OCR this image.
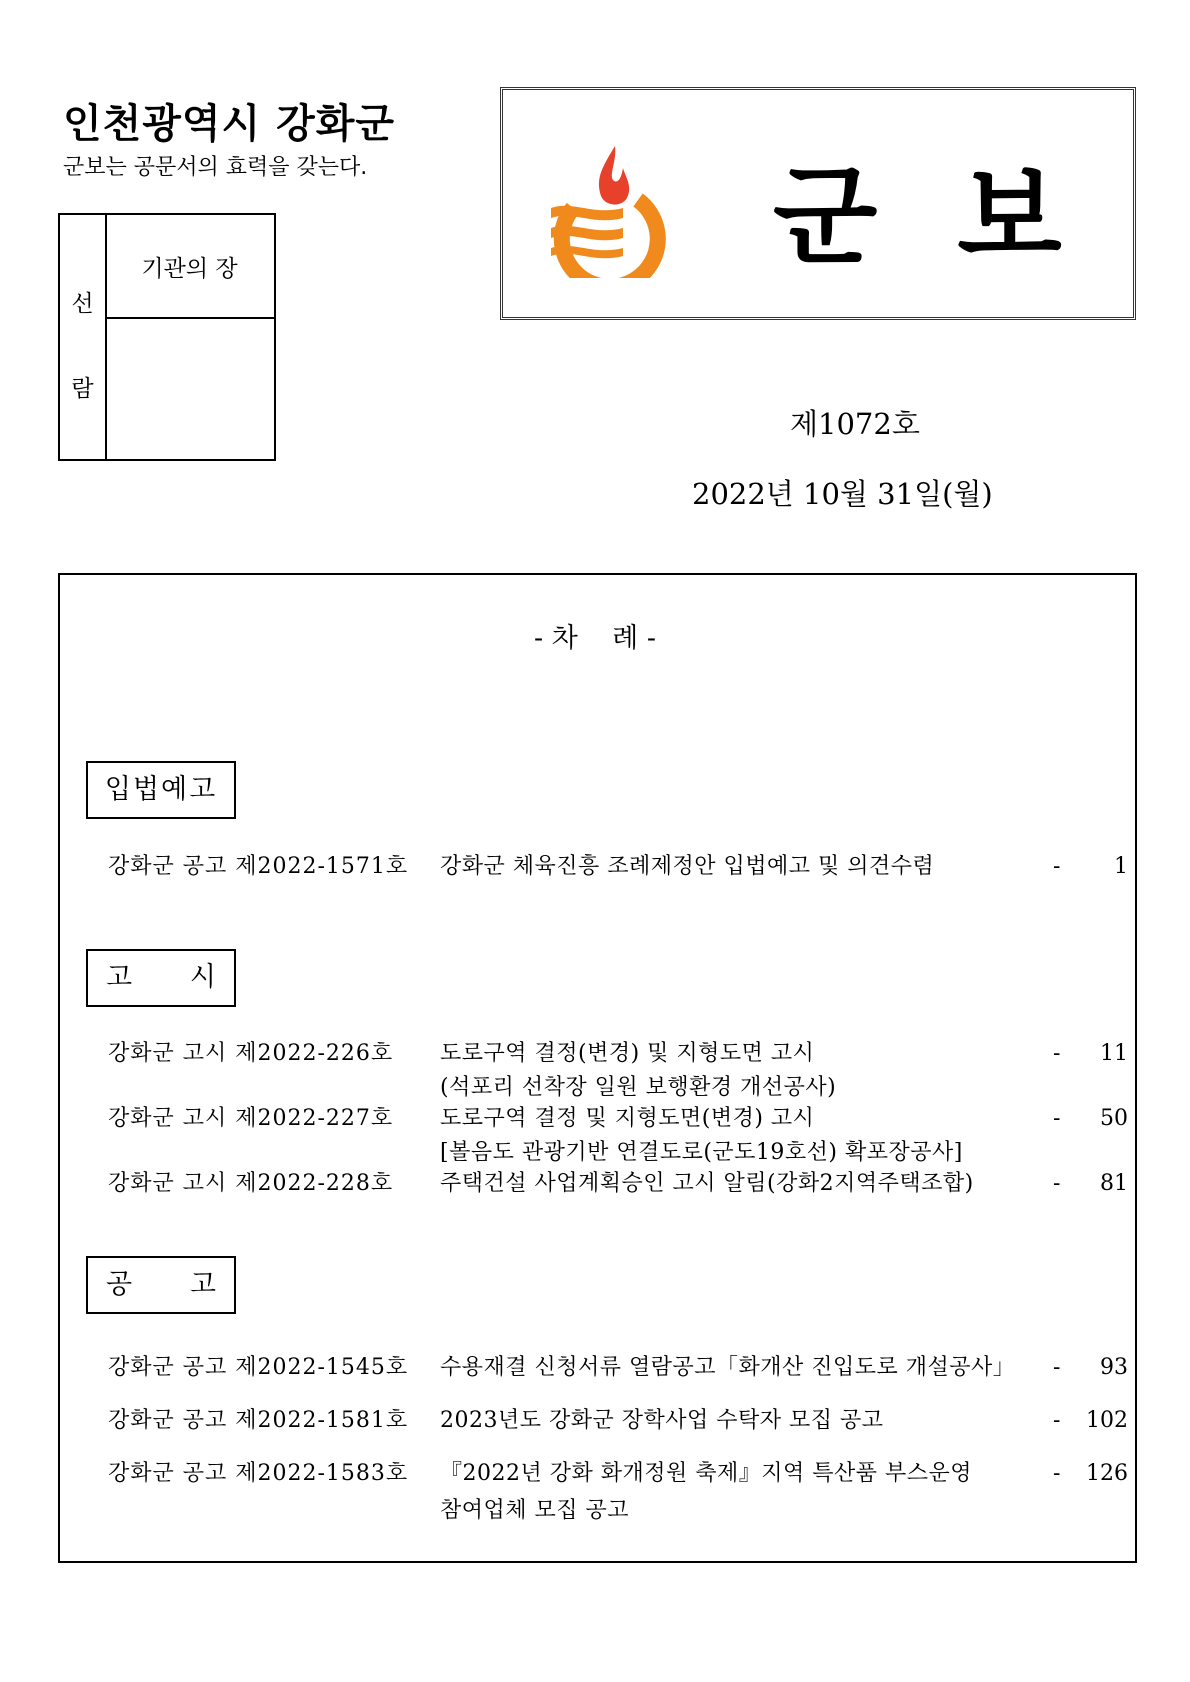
인천광역시 강화군
군보는 공문서의 효력을 갖는다.
선
람
기관의 장	군보
제1072호
2022년 10월 31일(월)
- 차    례 -
입법예고
강화군 공고 제2022-1571호 강화군 체육진흥 조례제정안 입법예고 및 의견수렴	-	1
고 시
강화군 고시 제2022-226호 도로구역 결정(변경) 및 지형도면 고시	-	11
(석포리 선착장 일원 보행환경 개선공사)
강화군 고시 제2022-227호 도로구역 결정 및 지형도면(변경) 고시	-	50
[볼음도 관광기반 연결도로(군도19호선) 확포장공사]
강화군 고시 제2022-228호 주택건설 사업계획승인 고시 알림(강화2지역주택조합)	-	81
공 고
강화군 공고 제2022-1545호 수용재결 신청서류 열람공고「화개산 진입도로 개설공사」 -	93
강화군 공고 제2022-1581호 2023년도 강화군 장학사업 수탁자 모집 공고	-	102
강화군 공고 제2022-1583호 『2022년 강화 화개정원 축제』지역 특산품 부스운영	-	126
참여업체 모집 공고
